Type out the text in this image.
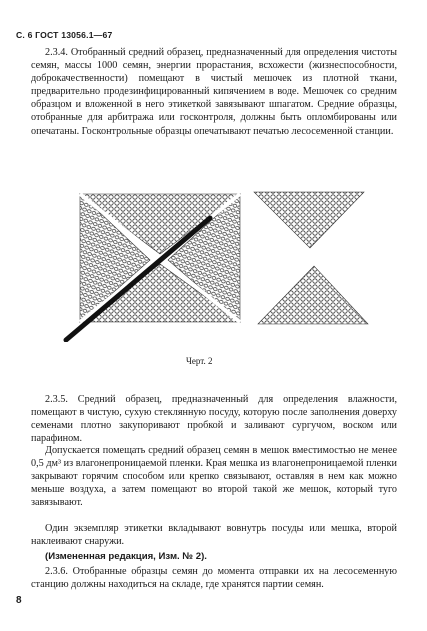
С. 6 ГОСТ 13056.1—67

2.3.4. Отобранный средний образец, предназначенный для определения чистоты семян, массы 1000 семян, энергии прорастания, всхожести (жизнеспособности, доброкачественности) помещают в чистый мешочек из плотной ткани, предварительно продезинфицированный кипячением в воде. Мешочек со средним образцом и вложенной в него этикеткой завязывают шпагатом. Средние образцы, отобранные для арбитража или госконтроля, должны быть опломбированы или опечатаны. Госконтрольные образцы опечатывают печатью лесосеменной станции.

Черт. 2

2.3.5. Средний образец, предназначенный для определения влажности, помещают в чистую, сухую стеклянную посуду, которую после заполнения доверху семенами плотно закупоривают пробкой и заливают сургучом, воском или парафином.

Допускается помещать средний образец семян в мешок вместимостью не менее 0,5 дм³ из влагонепроницаемой пленки. Края мешка из влагонепроницаемой пленки закрывают горячим способом или крепко связывают, оставляя в нем как можно меньше воздуха, а затем помещают во второй такой же мешок, который туго завязывают.

Один экземпляр этикетки вкладывают вовнутрь посуды или мешка, второй наклеивают снаружи.

(Измененная редакция, Изм. № 2).

2.3.6. Отобранные образцы семян до момента отправки их на лесосеменную станцию должны находиться на складе, где хранятся партии семян.

8
